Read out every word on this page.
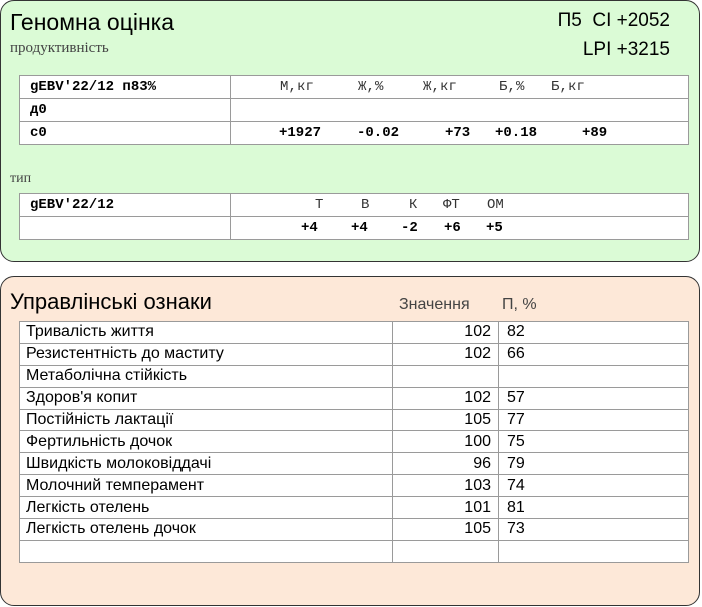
Геномна оцінка
продуктивність
П5  CI +2052
LPI +3215
gEBV'22/12 п83%	М,кг Ж,% Ж,кг Б,% Б,кг
д0	
c0	+1927 -0.02 +73 +0.18 +89
тип
gEBV'22/12	Т В К ФТ ОМ
	+4 +4 -2 +6 +5
Управлінські ознаки	Значення П, %
Тривалість життя	102	82
Резистентність до маститу	102	66
Метаболічна стійкість		
Здоров'я копит	102	57
Постійність лактації	105	77
Фертильність дочок	100	75
Швидкість молоковіддачі	96	79
Молочний темперамент	103	74
Легкість отелень	101	81
Легкість отелень дочок	105	73
